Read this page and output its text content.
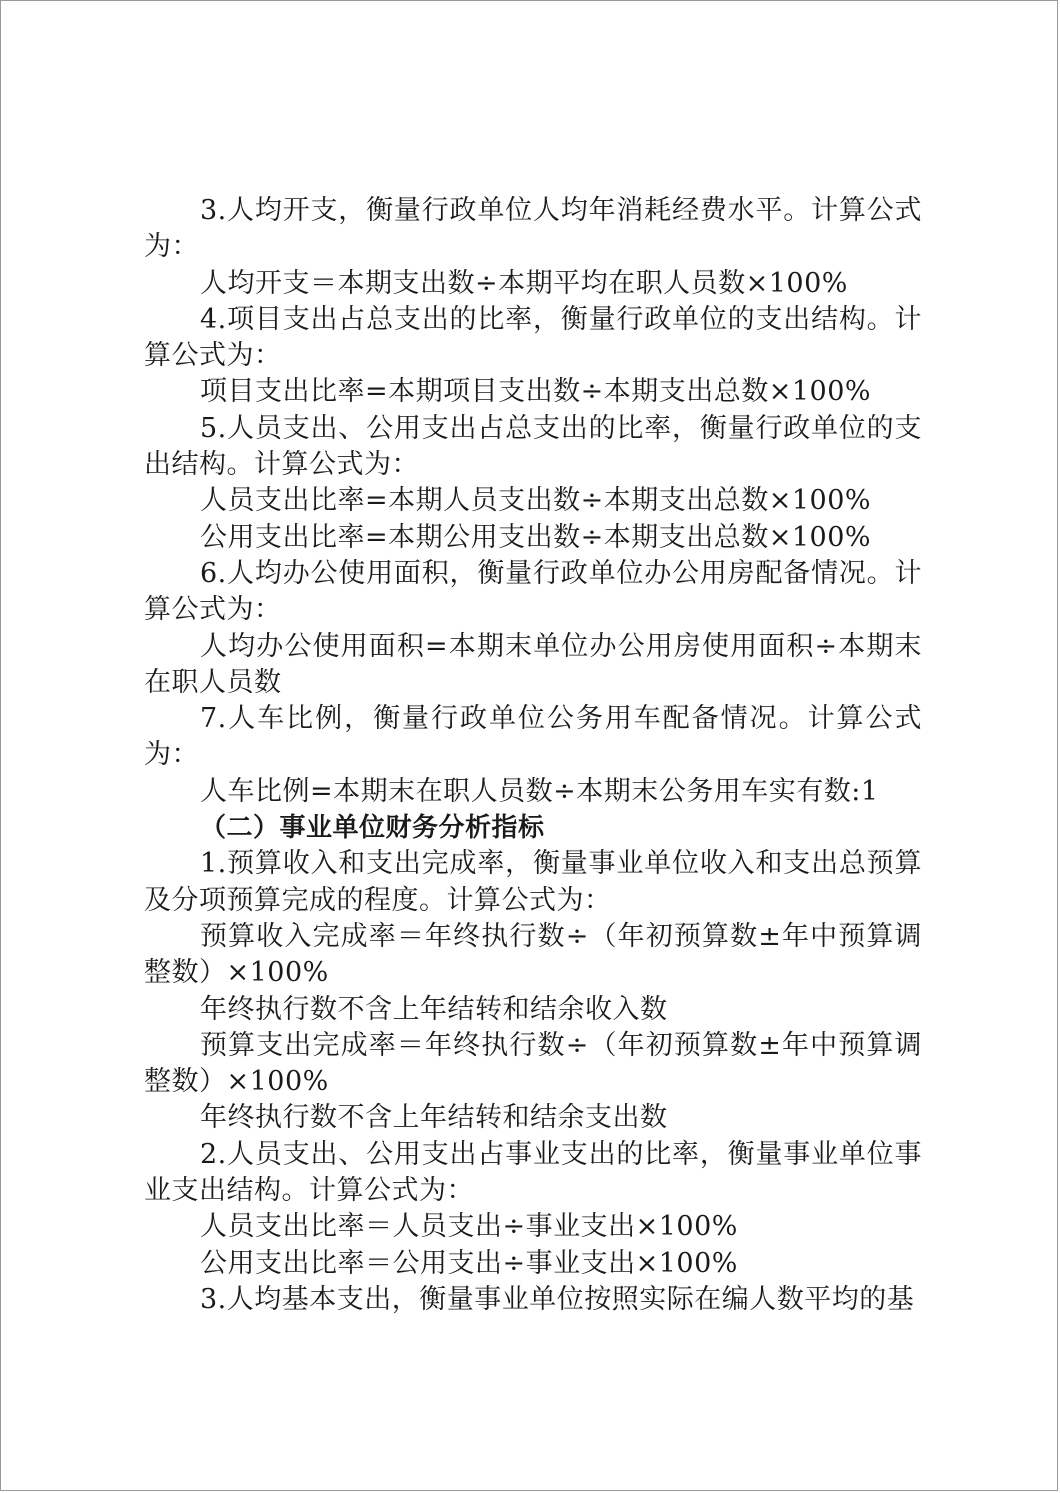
3.人均开支，衡量行政单位人均年消耗经费水平。计算公式为：

人均开支＝本期支出数÷本期平均在职人员数×100%

4.项目支出占总支出的比率，衡量行政单位的支出结构。计算公式为：

项目支出比率=本期项目支出数÷本期支出总数×100%

5.人员支出、公用支出占总支出的比率，衡量行政单位的支出结构。计算公式为：

人员支出比率=本期人员支出数÷本期支出总数×100%

公用支出比率=本期公用支出数÷本期支出总数×100%

6.人均办公使用面积，衡量行政单位办公用房配备情况。计算公式为：

人均办公使用面积=本期末单位办公用房使用面积÷本期末在职人员数

7.人车比例，衡量行政单位公务用车配备情况。计算公式为：

人车比例=本期末在职人员数÷本期末公务用车实有数:1

（二）事业单位财务分析指标

1.预算收入和支出完成率，衡量事业单位收入和支出总预算及分项预算完成的程度。计算公式为：

预算收入完成率＝年终执行数÷（年初预算数±年中预算调整数）×100%

年终执行数不含上年结转和结余收入数

预算支出完成率＝年终执行数÷（年初预算数±年中预算调整数）×100%

年终执行数不含上年结转和结余支出数

2.人员支出、公用支出占事业支出的比率，衡量事业单位事业支出结构。计算公式为：

人员支出比率＝人员支出÷事业支出×100%

公用支出比率＝公用支出÷事业支出×100%

3.人均基本支出，衡量事业单位按照实际在编人数平均的基
